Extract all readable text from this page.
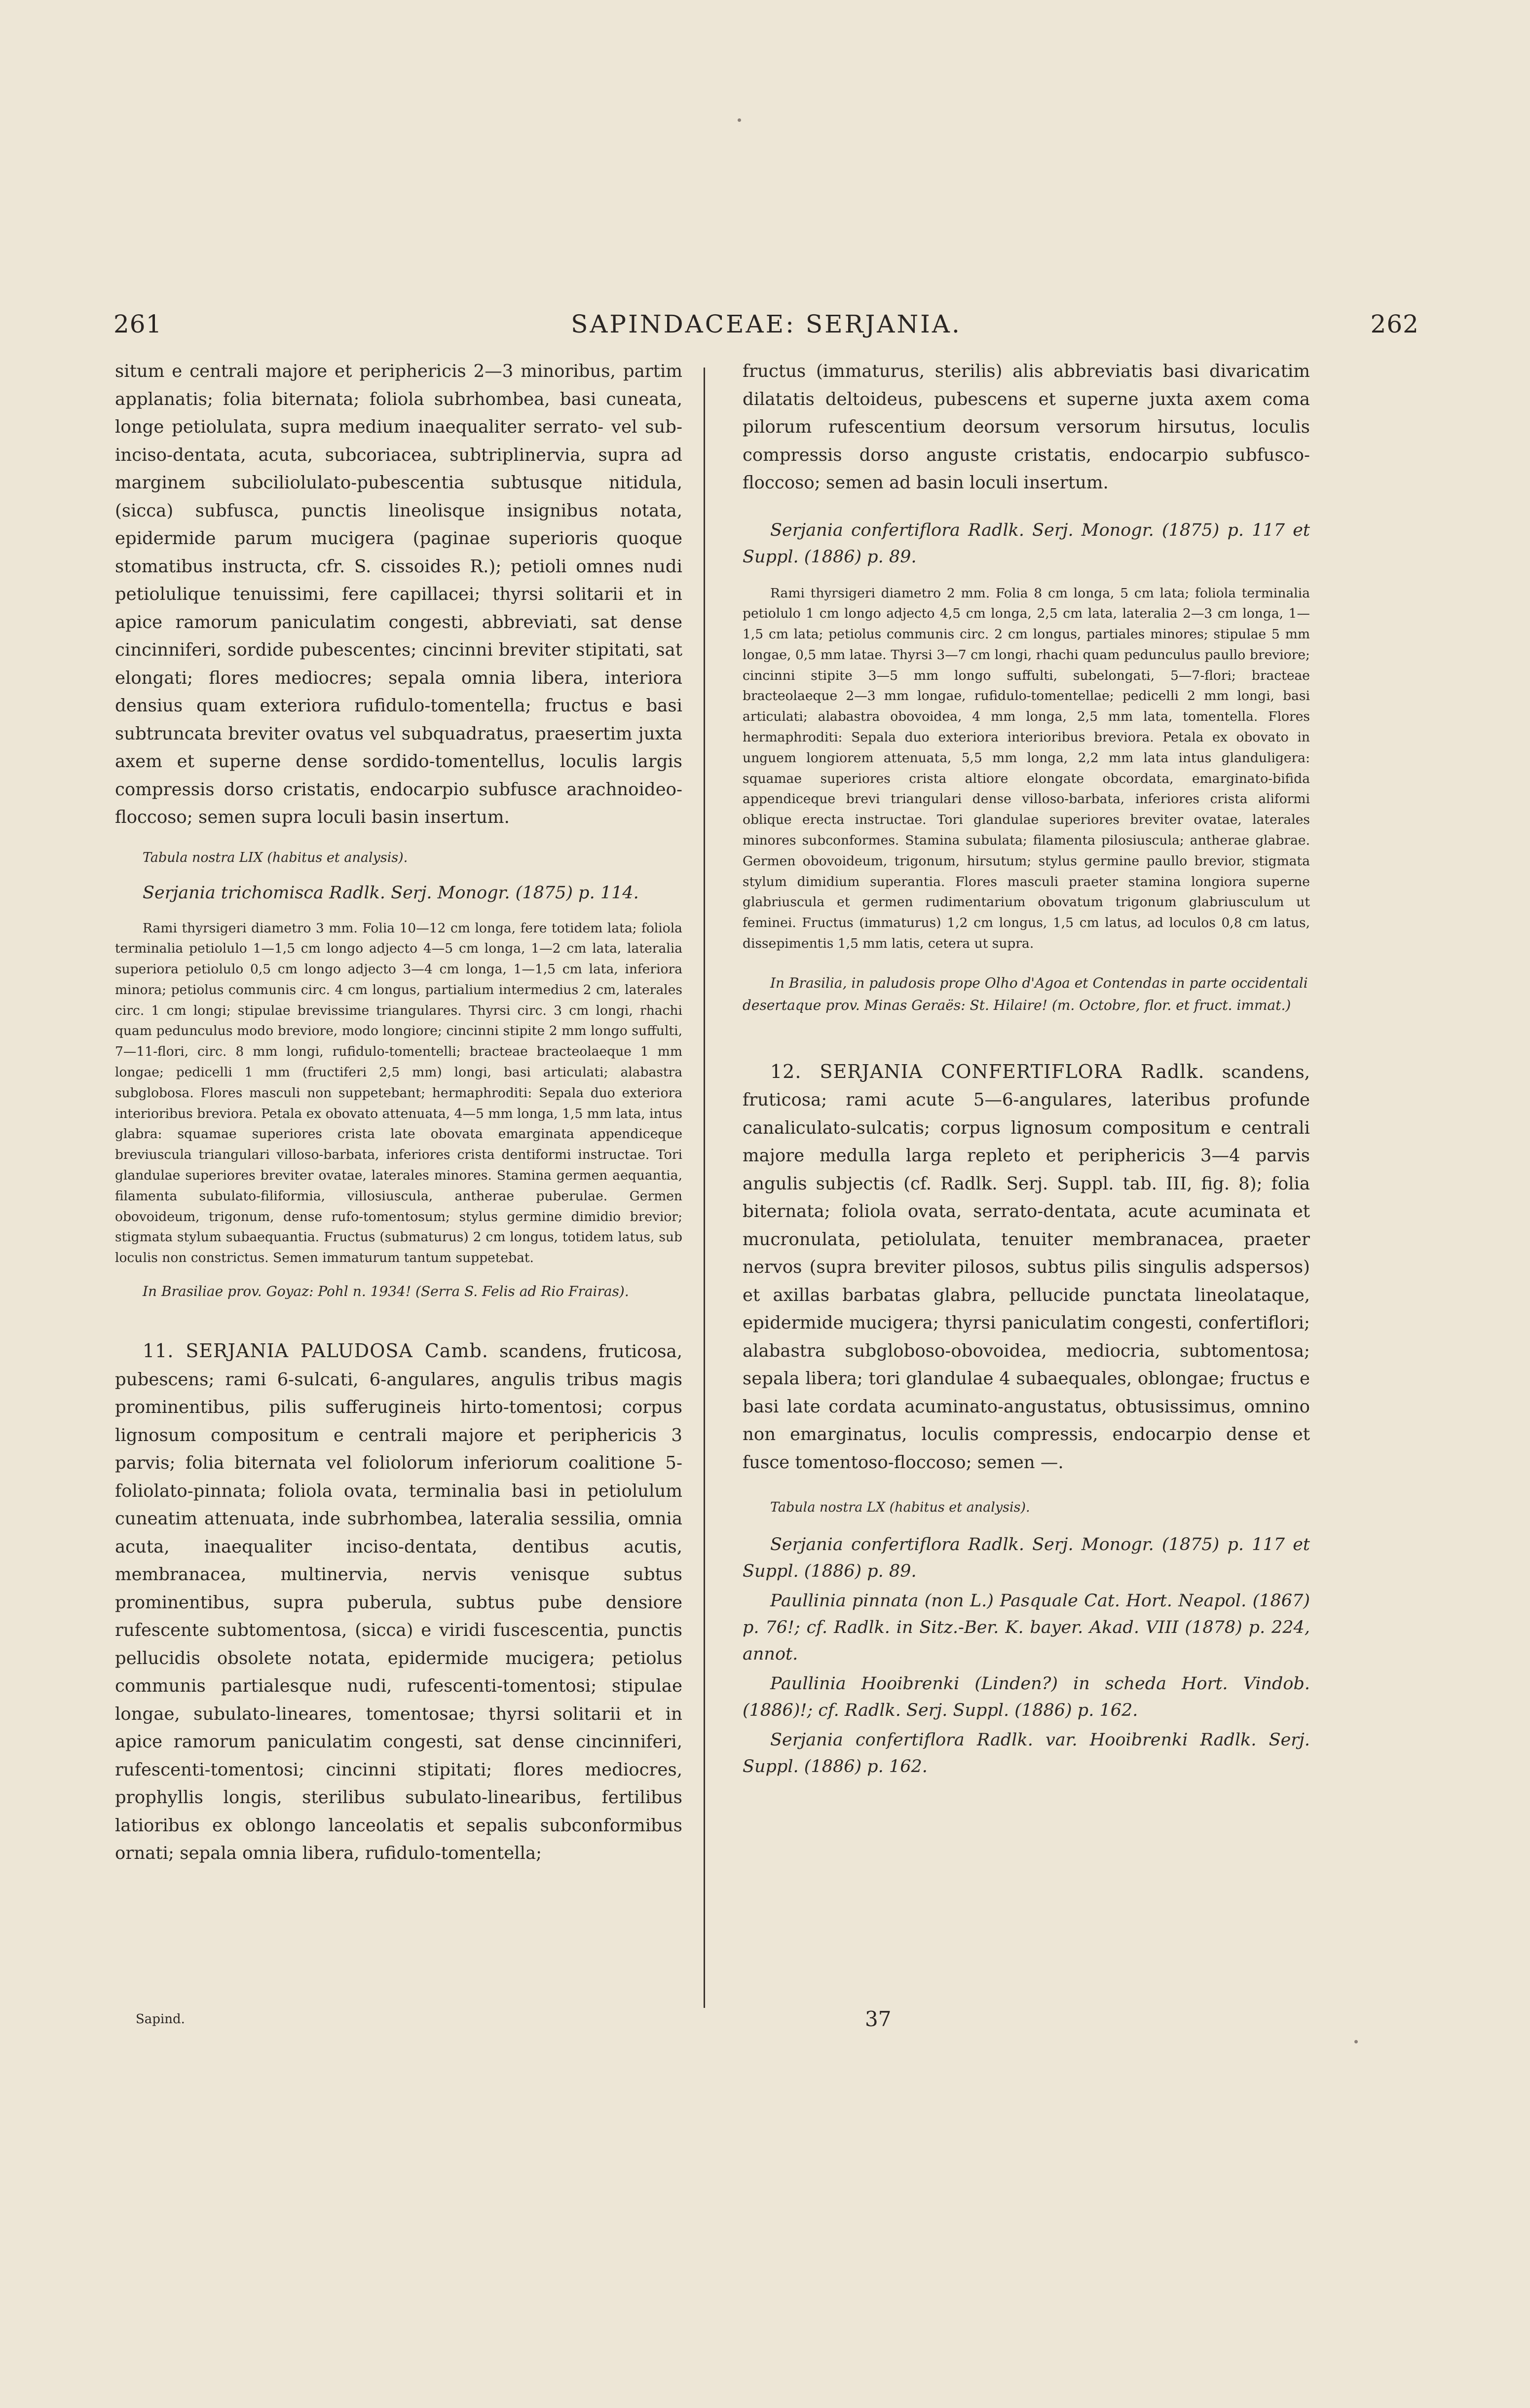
261	SAPINDACEAE: SERJANIA.	262

situm e centrali majore et periphericis 2—3 minoribus, partim applanatis; folia biternata; foliola subrhombea, basi cuneata, longe petiolulata, supra medium inaequaliter serrato- vel sub-inciso-dentata, acuta, subcoriacea, subtriplinervia, supra ad marginem subciliolulato-pubescentia subtusque nitidula, (sicca) subfusca, punctis lineolisque insignibus notata, epidermide parum mucigera (paginae superioris quoque stomatibus instructa, cfr. S. cissoides R.); petioli omnes nudi petiolulique tenuissimi, fere capillacei; thyrsi solitarii et in apice ramorum paniculatim congesti, abbreviati, sat dense cincinniferi, sordide pubescentes; cincinni breviter stipitati, sat elongati; flores mediocres; sepala omnia libera, interiora densius quam exteriora rufidulo-tomentella; fructus e basi subtruncata breviter ovatus vel subquadratus, praesertim juxta axem et superne dense sordido-tomentellus, loculis largis compressis dorso cristatis, endocarpio subfusce arachnoideo-floccoso; semen supra loculi basin insertum.

Tabula nostra LIX (habitus et analysis).

Serjania trichomisca Radlk. Serj. Monogr. (1875) p. 114.

Rami thyrsigeri diametro 3 mm. Folia 10—12 cm longa, fere totidem lata; foliola terminalia petiolulo 1—1,5 cm longo adjecto 4—5 cm longa, 1—2 cm lata, lateralia superiora petiolulo 0,5 cm longo adjecto 3—4 cm longa, 1—1,5 cm lata, inferiora minora; petiolus communis circ. 4 cm longus, partialium intermedius 2 cm, laterales circ. 1 cm longi; stipulae brevissime triangulares. Thyrsi circ. 3 cm longi, rhachi quam pedunculus modo breviore, modo longiore; cincinni stipite 2 mm longo suffulti, 7—11-flori, circ. 8 mm longi, rufidulo-tomentelli; bracteae bracteolaeque 1 mm longae; pedicelli 1 mm (fructiferi 2,5 mm) longi, basi articulati; alabastra subglobosa. Flores masculi non suppetebant; hermaphroditi: Sepala duo exteriora interioribus breviora. Petala ex obovato attenuata, 4—5 mm longa, 1,5 mm lata, intus glabra: squamae superiores crista late obovata emarginata appendiceque breviuscula triangulari villoso-barbata, inferiores crista dentiformi instructae. Tori glandulae superiores breviter ovatae, laterales minores. Stamina germen aequantia, filamenta subulato-filiformia, villosiuscula, antherae puberulae. Germen obovoideum, trigonum, dense rufo-tomentosum; stylus germine dimidio brevior; stigmata stylum subaequantia. Fructus (submaturus) 2 cm longus, totidem latus, sub loculis non constrictus. Semen immaturum tantum suppetebat.

In Brasiliae prov. Goyaz: Pohl n. 1934! (Serra S. Felis ad Rio Frairas).

11. SERJANIA PALUDOSA Camb. scandens, fruticosa, pubescens; rami 6-sulcati, 6-angulares, angulis tribus magis prominentibus, pilis sufferugineis hirto-tomentosi; corpus lignosum compositum e centrali majore et periphericis 3 parvis; folia biternata vel foliolorum inferiorum coalitione 5-foliolato-pinnata; foliola ovata, terminalia basi in petiolulum cuneatim attenuata, inde subrhombea, lateralia sessilia, omnia acuta, inaequaliter inciso-dentata, dentibus acutis, membranacea, multinervia, nervis venisque subtus prominentibus, supra puberula, subtus pube densiore rufescente subtomentosa, (sicca) e viridi fuscescentia, punctis pellucidis obsolete notata, epidermide mucigera; petiolus communis partialesque nudi, rufescenti-tomentosi; stipulae longae, subulato-lineares, tomentosae; thyrsi solitarii et in apice ramorum paniculatim congesti, sat dense cincinniferi, rufescenti-tomentosi; cincinni stipitati; flores mediocres, prophyllis longis, sterilibus subulato-linearibus, fertilibus latioribus ex oblongo lanceolatis et sepalis subconformibus ornati; sepala omnia libera, rufidulo-tomentella;

fructus (immaturus, sterilis) alis abbreviatis basi divaricatim dilatatis deltoideus, pubescens et superne juxta axem coma pilorum rufescentium deorsum versorum hirsutus, loculis compressis dorso anguste cristatis, endocarpio subfusco-floccoso; semen ad basin loculi insertum.

Serjania confertiflora Radlk. Serj. Monogr. (1875) p. 117 et Suppl. (1886) p. 89.

Rami thyrsigeri diametro 2 mm. Folia 8 cm longa, 5 cm lata; foliola terminalia petiolulo 1 cm longo adjecto 4,5 cm longa, 2,5 cm lata, lateralia 2—3 cm longa, 1—1,5 cm lata; petiolus communis circ. 2 cm longus, partiales minores; stipulae 5 mm longae, 0,5 mm latae. Thyrsi 3—7 cm longi, rhachi quam pedunculus paullo breviore; cincinni stipite 3—5 mm longo suffulti, subelongati, 5—7-flori; bracteae bracteolaeque 2—3 mm longae, rufidulo-tomentellae; pedicelli 2 mm longi, basi articulati; alabastra obovoidea, 4 mm longa, 2,5 mm lata, tomentella. Flores hermaphroditi: Sepala duo exteriora interioribus breviora. Petala ex obovato in unguem longiorem attenuata, 5,5 mm longa, 2,2 mm lata intus glanduligera: squamae superiores crista altiore elongate obcordata, emarginato-bifida appendiceque brevi triangulari dense villoso-barbata, inferiores crista aliformi oblique erecta instructae. Tori glandulae superiores breviter ovatae, laterales minores subconformes. Stamina subulata; filamenta pilosiuscula; antherae glabrae. Germen obovoideum, trigonum, hirsutum; stylus germine paullo brevior, stigmata stylum dimidium superantia. Flores masculi praeter stamina longiora superne glabriuscula et germen rudimentarium obovatum trigonum glabriusculum ut feminei. Fructus (immaturus) 1,2 cm longus, 1,5 cm latus, ad loculos 0,8 cm latus, dissepimentis 1,5 mm latis, cetera ut supra.

In Brasilia, in paludosis prope Olho d'Agoa et Contendas in parte occidentali desertaque prov. Minas Geraës: St. Hilaire! (m. Octobre, flor. et fruct. immat.)

12. SERJANIA CONFERTIFLORA Radlk. scandens, fruticosa; rami acute 5—6-angulares, lateribus profunde canaliculato-sulcatis; corpus lignosum compositum e centrali majore medulla larga repleto et periphericis 3—4 parvis angulis subjectis (cf. Radlk. Serj. Suppl. tab. III, fig. 8); folia biternata; foliola ovata, serrato-dentata, acute acuminata et mucronulata, petiolulata, tenuiter membranacea, praeter nervos (supra breviter pilosos, subtus pilis singulis adspersos) et axillas barbatas glabra, pellucide punctata lineolataque, epidermide mucigera; thyrsi paniculatim congesti, confertiflori; alabastra subgloboso-obovoidea, mediocria, subtomentosa; sepala libera; tori glandulae 4 subaequales, oblongae; fructus e basi late cordata acuminato-angustatus, obtusissimus, omnino non emarginatus, loculis compressis, endocarpio dense et fusce tomentoso-floccoso; semen —.

Tabula nostra LX (habitus et analysis).

Serjania confertiflora Radlk. Serj. Monogr. (1875) p. 117 et Suppl. (1886) p. 89.

Paullinia pinnata (non L.) Pasquale Cat. Hort. Neapol. (1867) p. 76!; cf. Radlk. in Sitz.-Ber. K. bayer. Akad. VIII (1878) p. 224, annot.

Paullinia Hooibrenki (Linden?) in scheda Hort. Vindob. (1886)!; cf. Radlk. Serj. Suppl. (1886) p. 162.

Serjania confertiflora Radlk. var. Hooibrenki Radlk. Serj. Suppl. (1886) p. 162.

Sapind.	37
